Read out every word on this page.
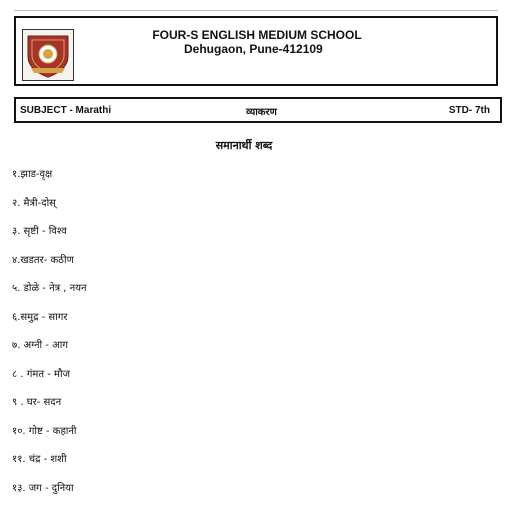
FOUR-S ENGLISH MEDIUM SCHOOL
Dehugaon, Pune-412109
SUBJECT - Marathi	व्याकरण	STD- 7th
समानार्थी शब्द
१.झाड-वृक्ष
२. मैत्री-दोस्
३. सृष्टी - विश्व
४.खडतर- कठीण
५. डोळे - नेत्र , नयन
६.समुद्र - सागर
७. अग्नी - आग
८ . गंमत - मौज
९ . घर- सदन
१०. गोष्ट - कहानी
११. चंद्र - शशी
१३. जग - दुनिया
